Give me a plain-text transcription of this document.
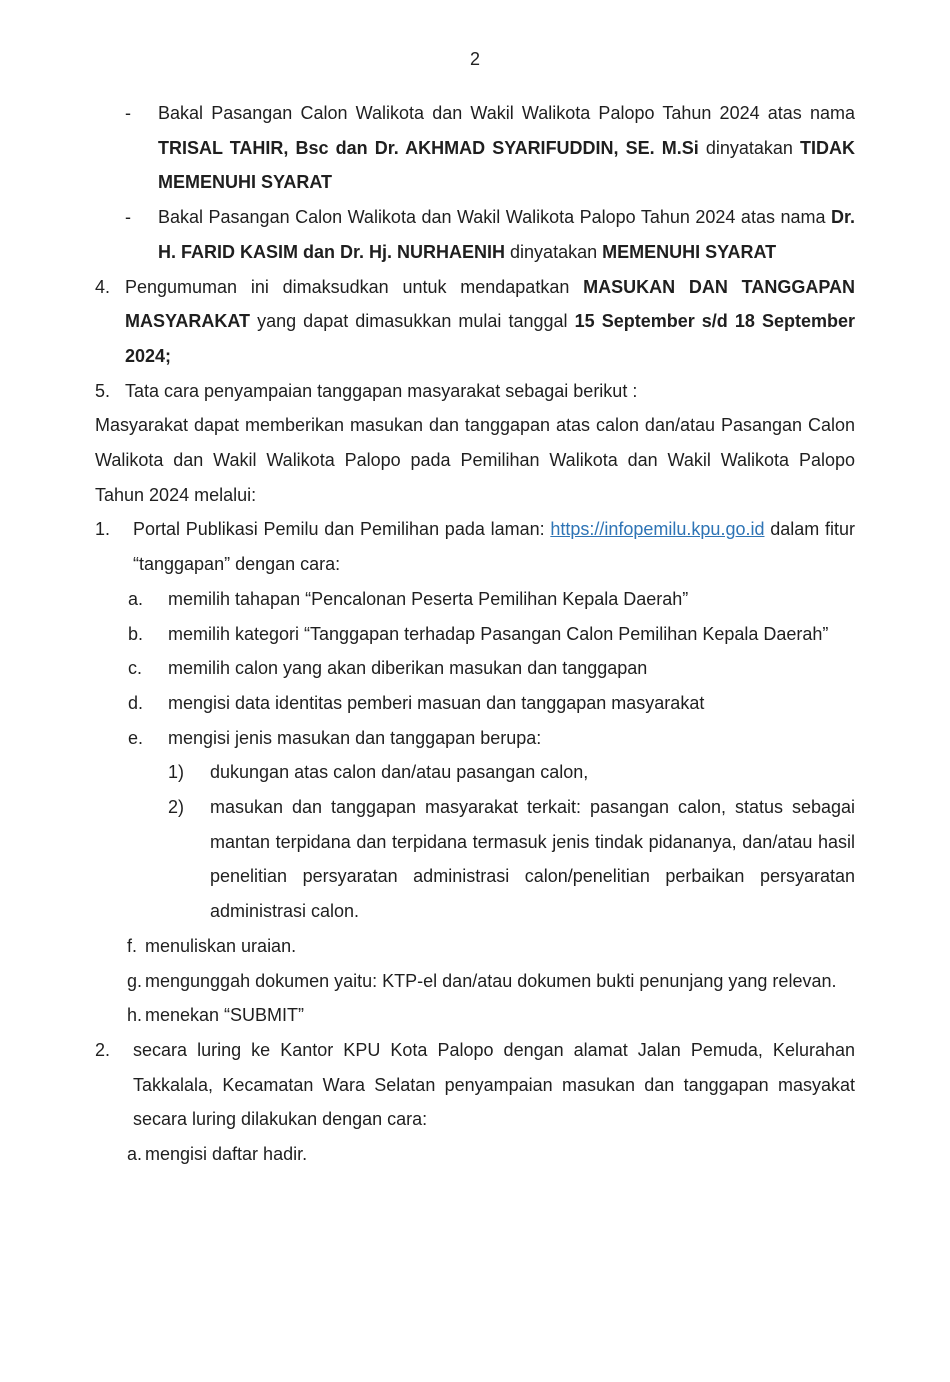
2
- Bakal Pasangan Calon Walikota dan Wakil Walikota Palopo Tahun 2024 atas nama TRISAL TAHIR, Bsc dan Dr. AKHMAD SYARIFUDDIN, SE. M.Si dinyatakan TIDAK MEMENUHI SYARAT
- Bakal Pasangan Calon Walikota dan Wakil Walikota Palopo Tahun 2024 atas nama Dr. H. FARID KASIM dan Dr. Hj. NURHAENIH dinyatakan MEMENUHI SYARAT
4. Pengumuman ini dimaksudkan untuk mendapatkan MASUKAN DAN TANGGAPAN MASYARAKAT yang dapat dimasukkan mulai tanggal 15 September s/d 18 September 2024;
5. Tata cara penyampaian tanggapan masyarakat sebagai berikut :
Masyarakat dapat memberikan masukan dan tanggapan atas calon dan/atau Pasangan Calon Walikota dan Wakil Walikota Palopo pada Pemilihan Walikota dan Wakil Walikota Palopo Tahun 2024 melalui:
1. Portal Publikasi Pemilu dan Pemilihan pada laman: https://infopemilu.kpu.go.id dalam fitur “tanggapan” dengan cara:
a. memilih tahapan “Pencalonan Peserta Pemilihan Kepala Daerah”
b. memilih kategori “Tanggapan terhadap Pasangan Calon Pemilihan Kepala Daerah”
c. memilih calon yang akan diberikan masukan dan tanggapan
d. mengisi data identitas pemberi masuan dan tanggapan masyarakat
e. mengisi jenis masukan dan tanggapan berupa:
1) dukungan atas calon dan/atau pasangan calon,
2) masukan dan tanggapan masyarakat terkait: pasangan calon, status sebagai mantan terpidana dan terpidana termasuk jenis tindak pidananya, dan/atau hasil penelitian persyaratan administrasi calon/penelitian perbaikan persyaratan administrasi calon.
f. menuliskan uraian.
g. mengunggah dokumen yaitu: KTP-el dan/atau dokumen bukti penunjang yang relevan.
h. menekan “SUBMIT”
2. secara luring ke Kantor KPU Kota Palopo dengan alamat Jalan Pemuda, Kelurahan Takkalala, Kecamatan Wara Selatan penyampaian masukan dan tanggapan masyakat secara luring dilakukan dengan cara:
a. mengisi daftar hadir.
